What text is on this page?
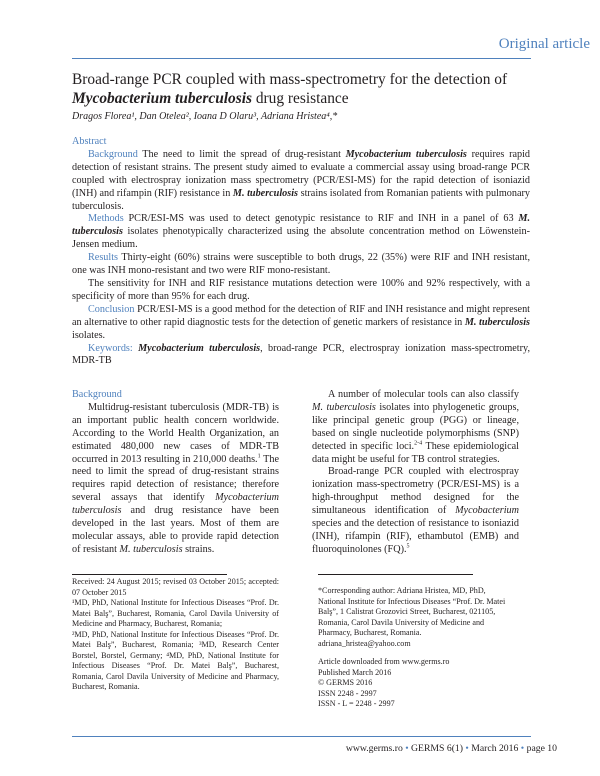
Original article
Broad-range PCR coupled with mass-spectrometry for the detection of
Mycobacterium tuberculosis drug resistance
Dragos Florea¹, Dan Otelea², Ioana D Olaru³, Adriana Hristea⁴,*

Abstract

Background The need to limit the spread of drug-resistant Mycobacterium tuberculosis requires rapid detection of resistant strains. The present study aimed to evaluate a commercial assay using broad-range PCR coupled with electrospray ionization mass spectrometry (PCR/ESI-MS) for the rapid detection of isoniazid (INH) and rifampin (RIF) resistance in M. tuberculosis strains isolated from Romanian patients with pulmonary tuberculosis.

Methods PCR/ESI-MS was used to detect genotypic resistance to RIF and INH in a panel of 63 M. tuberculosis isolates phenotypically characterized using the absolute concentration method on Löwenstein-Jensen medium.

Results Thirty-eight (60%) strains were susceptible to both drugs, 22 (35%) were RIF and INH resistant, one was INH mono-resistant and two were RIF mono-resistant.

The sensitivity for INH and RIF resistance mutations detection were 100% and 92% respectively, with a specificity of more than 95% for each drug.

Conclusion PCR/ESI-MS is a good method for the detection of RIF and INH resistance and might represent an alternative to other rapid diagnostic tests for the detection of genetic markers of resistance in M. tuberculosis isolates.

Keywords: Mycobacterium tuberculosis, broad-range PCR, electrospray ionization mass-spectrometry, MDR-TB

Background

Multidrug-resistant tuberculosis (MDR-TB) is an important public health concern worldwide. According to the World Health Organization, an estimated 480,000 new cases of MDR-TB occurred in 2013 resulting in 210,000 deaths.$^1$ The need to limit the spread of drug-resistant strains requires rapid detection of resistance; therefore several assays that identify Mycobacterium tuberculosis and drug resistance have been developed in the last years. Most of them are molecular assays, able to provide rapid detection of resistant M. tuberculosis strains.

A number of molecular tools can also classify M. tuberculosis isolates into phylogenetic groups, like principal genetic group (PGG) or lineage, based on single nucleotide polymorphisms (SNP) detected in specific loci.$^{2-4}$ These epidemiological data might be useful for TB control strategies.

Broad-range PCR coupled with electrospray ionization mass-spectrometry (PCR/ESI-MS) is a high-throughput method designed for the simultaneous identification of Mycobacterium species and the detection of resistance to isoniazid (INH), rifampin (RIF), ethambutol (EMB) and fluoroquinolones (FQ).$^5$

Received: 24 August 2015; revised 03 October 2015; accepted: 07 October 2015

¹MD, PhD, National Institute for Infectious Diseases “Prof. Dr. Matei Balş”, Bucharest, Romania, Carol Davila University of Medicine and Pharmacy, Bucharest, Romania;

²MD, PhD, National Institute for Infectious Diseases “Prof. Dr. Matei Balş”, Bucharest, Romania; ³MD, Research Center Borstel, Borstel, Germany; ⁴MD, PhD, National Institute for Infectious Diseases “Prof. Dr. Matei Balş”, Bucharest, Romania, Carol Davila University of Medicine and Pharmacy, Bucharest, Romania.

*Corresponding author: Adriana Hristea, MD, PhD,

National Institute for Infectious Diseases “Prof. Dr. Matei

Balş”, 1 Calistrat Grozovici Street, Bucharest, 021105,

Romania, Carol Davila University of Medicine and

Pharmacy, Bucharest, Romania.

adriana_hristea@yahoo.com

Article downloaded from www.germs.ro

Published March 2016

© GERMS 2016

ISSN 2248 - 2997

ISSN - L = 2248 - 2997

www.germs.ro • GERMS 6(1) • March 2016 • page 10
